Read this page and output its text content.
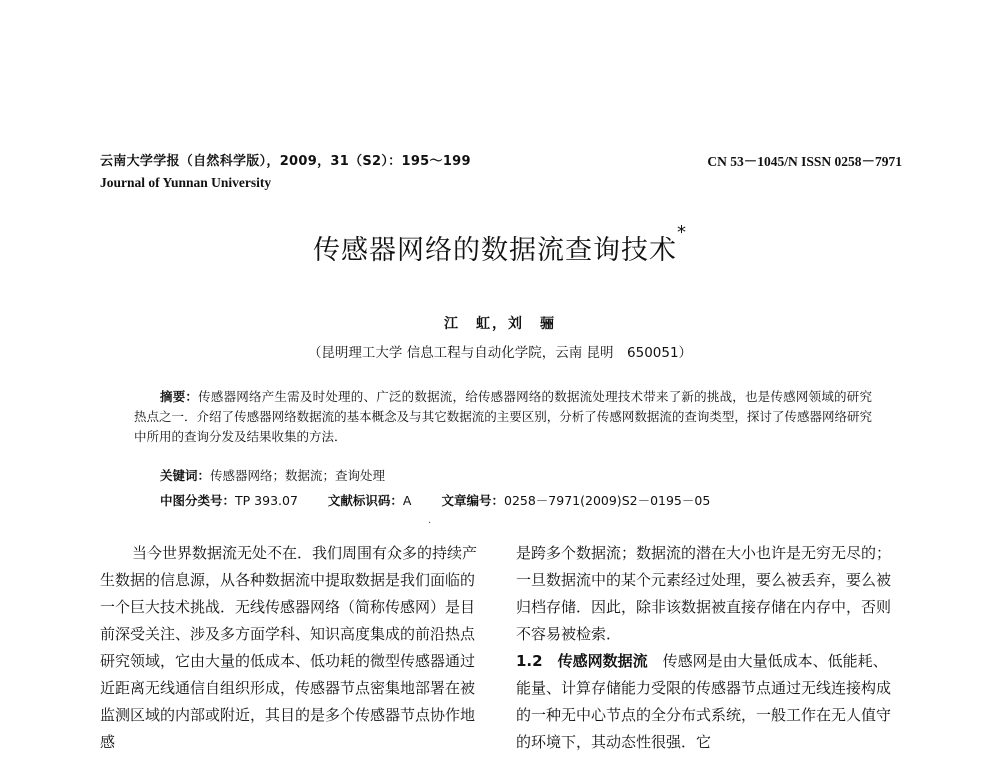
云南大学学报（自然科学版），2009，31（S2）：195～199
Journal of Yunnan University
CN 53－1045/N ISSN 0258－7971
传感器网络的数据流查询技术*
江　虹，刘　骊
（昆明理工大学 信息工程与自动化学院，云南 昆明　650051）
摘要：传感器网络产生需及时处理的、广泛的数据流，给传感器网络的数据流处理技术带来了新的挑战，也是传感网领域的研究热点之一．介绍了传感器网络数据流的基本概念及与其它数据流的主要区别，分析了传感网数据流的查询类型，探讨了传感器网络研究中所用的查询分发及结果收集的方法．
关键词：传感器网络；数据流；查询处理
中图分类号：TP 393.07 文献标识码：A 文章编号：0258－7971(2009)S2－0195－05
·

当今世界数据流无处不在．我们周围有众多的持续产生数据的信息源，从各种数据流中提取数据是我们面临的一个巨大技术挑战．无线传感器网络（简称传感网）是目前深受关注、涉及多方面学科、知识高度集成的前沿热点研究领域，它由大量的低成本、低功耗的微型传感器通过近距离无线通信自组织形成，传感器节点密集地部署在被监测区域的内部或附近，其目的是多个传感器节点协作地感

是跨多个数据流；数据流的潜在大小也许是无穷无尽的；一旦数据流中的某个元素经过处理，要么被丢弃，要么被归档存储．因此，除非该数据被直接存储在内存中，否则不容易被检索．

1.2　 传感网数据流　 传感网是由大量低成本、低能耗、能量、计算存储能力受限的传感器节点通过无线连接构成的一种无中心节点的全分布式系统，一般工作在无人值守的环境下，其动态性很强．它
